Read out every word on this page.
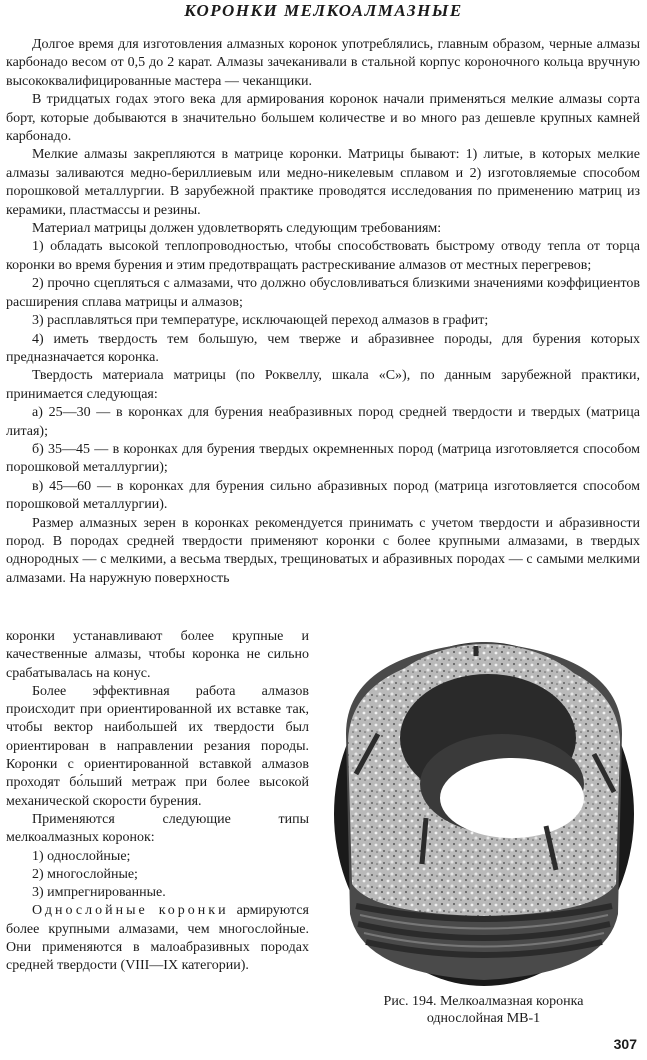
КОРОНКИ МЕЛКОАЛМАЗНЫЕ

Долгое время для изготовления алмазных коронок употреблялись, главным образом, черные алмазы карбонадо весом от 0,5 до 2 карат. Алмазы зачеканивали в стальной корпус короночного кольца вручную высококвалифицированные мастера — чеканщики.

В тридцатых годах этого века для армирования коронок начали применяться мелкие алмазы сорта борт, которые добываются в значительно большем количестве и во много раз дешевле крупных камней карбонадо.

Мелкие алмазы закрепляются в матрице коронки. Матрицы бывают: 1) литые, в которых мелкие алмазы заливаются медно-бериллиевым или медно-никелевым сплавом и 2) изготовляемые способом порошковой металлургии. В зарубежной практике проводятся исследования по применению матриц из керамики, пластмассы и резины.

Материал матрицы должен удовлетворять следующим требованиям:

1) обладать высокой теплопроводностью, чтобы способствовать быстрому отводу тепла от торца коронки во время бурения и этим предотвращать растрескивание алмазов от местных перегревов;

2) прочно сцепляться с алмазами, что должно обусловливаться близкими значениями коэффициентов расширения сплава матрицы и алмазов;

3) расплавляться при температуре, исключающей переход алмазов в графит;

4) иметь твердость тем большую, чем тверже и абразивнее породы, для бурения которых предназначается коронка.

Твердость материала матрицы (по Роквеллу, шкала «С»), по данным зарубежной практики, принимается следующая:

а) 25—30 — в коронках для бурения неабразивных пород средней твердости и твердых (матрица литая);

б) 35—45 — в коронках для бурения твердых окремненных пород (матрица изготовляется способом порошковой металлургии);

в) 45—60 — в коронках для бурения сильно абразивных пород (матрица изготовляется способом порошковой металлургии).

Размер алмазных зерен в коронках рекомендуется принимать с учетом твердости и абразивности пород. В породах средней твердости применяют коронки с более крупными алмазами, в твердых однородных — с мелкими, а весьма твердых, трещиноватых и абразивных породах — с самыми мелкими алмазами. На наружную поверхность

коронки устанавливают более крупные и качественные алмазы, чтобы коронка не сильно срабатывалась на конус.

Более эффективная работа алмазов происходит при ориентированной их вставке так, чтобы вектор наибольшей их твердости был ориентирован в направлении резания породы. Коронки с ориентированной вставкой алмазов проходят бо́льший метраж при более высокой механической скорости бурения.

Применяются следующие типы мелкоалмазных коронок:

1) однослойные;

2) многослойные;

3) импрегнированные.

Однослойные коронки армируются более крупными алмазами, чем многослойные. Они применяются в малоабразивных породах средней твердости (VIII—IX категории).

Рис. 194. Мелкоалмазная коронка
однослойная МВ-1
307
